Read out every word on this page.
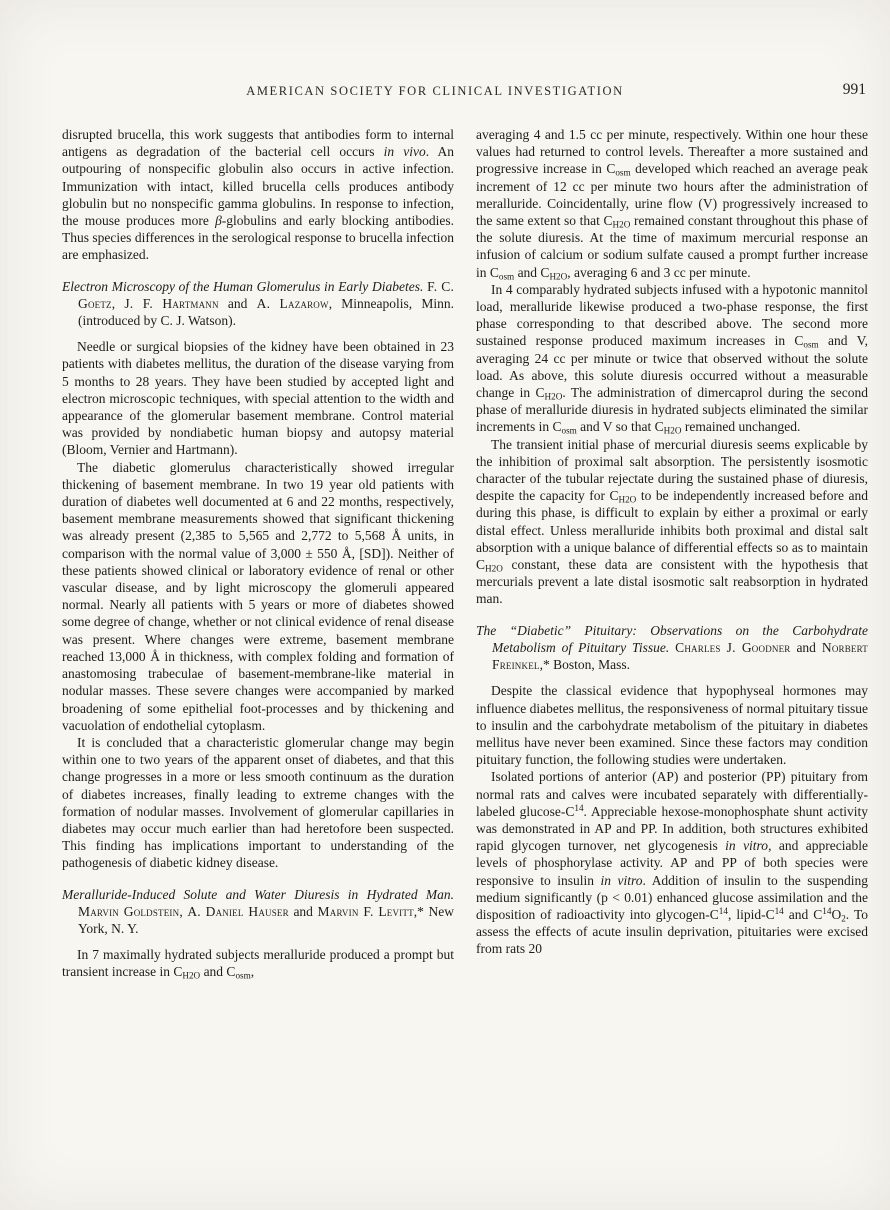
AMERICAN SOCIETY FOR CLINICAL INVESTIGATION	991

disrupted brucella, this work suggests that antibodies form to internal antigens as degradation of the bacterial cell occurs in vivo. An outpouring of nonspecific globulin also occurs in active infection. Immunization with intact, killed brucella cells produces antibody globulin but no nonspecific gamma globulins. In response to infection, the mouse produces more β-globulins and early blocking antibodies. Thus species differences in the serological response to brucella infection are emphasized.

Electron Microscopy of the Human Glomerulus in Early Diabetes. F. C. Goetz, J. F. Hartmann and A. Lazarow, Minneapolis, Minn. (introduced by C. J. Watson).

Needle or surgical biopsies of the kidney have been obtained in 23 patients with diabetes mellitus, the duration of the disease varying from 5 months to 28 years. They have been studied by accepted light and electron microscopic techniques, with special attention to the width and appearance of the glomerular basement membrane. Control material was provided by nondiabetic human biopsy and autopsy material (Bloom, Vernier and Hartmann).

The diabetic glomerulus characteristically showed irregular thickening of basement membrane. In two 19 year old patients with duration of diabetes well documented at 6 and 22 months, respectively, basement membrane measurements showed that significant thickening was already present (2,385 to 5,565 and 2,772 to 5,568 Å units, in comparison with the normal value of 3,000 ± 550 Å, [SD]). Neither of these patients showed clinical or laboratory evidence of renal or other vascular disease, and by light microscopy the glomeruli appeared normal. Nearly all patients with 5 years or more of diabetes showed some degree of change, whether or not clinical evidence of renal disease was present. Where changes were extreme, basement membrane reached 13,000 Å in thickness, with complex folding and formation of anastomosing trabeculae of basement-membrane-like material in nodular masses. These severe changes were accompanied by marked broadening of some epithelial foot-processes and by thickening and vacuolation of endothelial cytoplasm.

It is concluded that a characteristic glomerular change may begin within one to two years of the apparent onset of diabetes, and that this change progresses in a more or less smooth continuum as the duration of diabetes increases, finally leading to extreme changes with the formation of nodular masses. Involvement of glomerular capillaries in diabetes may occur much earlier than had heretofore been suspected. This finding has implications important to understanding of the pathogenesis of diabetic kidney disease.

Meralluride-Induced Solute and Water Diuresis in Hydrated Man. Marvin Goldstein, A. Daniel Hauser and Marvin F. Levitt,* New York, N. Y.

In 7 maximally hydrated subjects meralluride produced a prompt but transient increase in $C_{H2O}$ and $C_{osm}$,

averaging 4 and 1.5 cc per minute, respectively. Within one hour these values had returned to control levels. Thereafter a more sustained and progressive increase in $C_{osm}$ developed which reached an average peak increment of 12 cc per minute two hours after the administration of meralluride. Coincidentally, urine flow (V) progressively increased to the same extent so that $C_{H2O}$ remained constant throughout this phase of the solute diuresis. At the time of maximum mercurial response an infusion of calcium or sodium sulfate caused a prompt further increase in $C_{osm}$ and $C_{H2O}$, averaging 6 and 3 cc per minute.

In 4 comparably hydrated subjects infused with a hypotonic mannitol load, meralluride likewise produced a two-phase response, the first phase corresponding to that described above. The second more sustained response produced maximum increases in $C_{osm}$ and V, averaging 24 cc per minute or twice that observed without the solute load. As above, this solute diuresis occurred without a measurable change in $C_{H2O}$. The administration of dimercaprol during the second phase of meralluride diuresis in hydrated subjects eliminated the similar increments in $C_{osm}$ and V so that $C_{H2O}$ remained unchanged.

The transient initial phase of mercurial diuresis seems explicable by the inhibition of proximal salt absorption. The persistently isosmotic character of the tubular rejectate during the sustained phase of diuresis, despite the capacity for $C_{H2O}$ to be independently increased before and during this phase, is difficult to explain by either a proximal or early distal effect. Unless meralluride inhibits both proximal and distal salt absorption with a unique balance of differential effects so as to maintain $C_{H2O}$ constant, these data are consistent with the hypothesis that mercurials prevent a late distal isosmotic salt reabsorption in hydrated man.

The “Diabetic” Pituitary: Observations on the Carbohydrate Metabolism of Pituitary Tissue. Charles J. Goodner and Norbert Freinkel,* Boston, Mass.

Despite the classical evidence that hypophyseal hormones may influence diabetes mellitus, the responsiveness of normal pituitary tissue to insulin and the carbohydrate metabolism of the pituitary in diabetes mellitus have never been examined. Since these factors may condition pituitary function, the following studies were undertaken.

Isolated portions of anterior (AP) and posterior (PP) pituitary from normal rats and calves were incubated separately with differentially-labeled glucose-$C^{14}$. Appreciable hexose-monophosphate shunt activity was demonstrated in AP and PP. In addition, both structures exhibited rapid glycogen turnover, net glycogenesis in vitro, and appreciable levels of phosphorylase activity. AP and PP of both species were responsive to insulin in vitro. Addition of insulin to the suspending medium significantly (p < 0.01) enhanced glucose assimilation and the disposition of radioactivity into glycogen-$C^{14}$, lipid-$C^{14}$ and $C^{14}O_2$. To assess the effects of acute insulin deprivation, pituitaries were excised from rats 20
